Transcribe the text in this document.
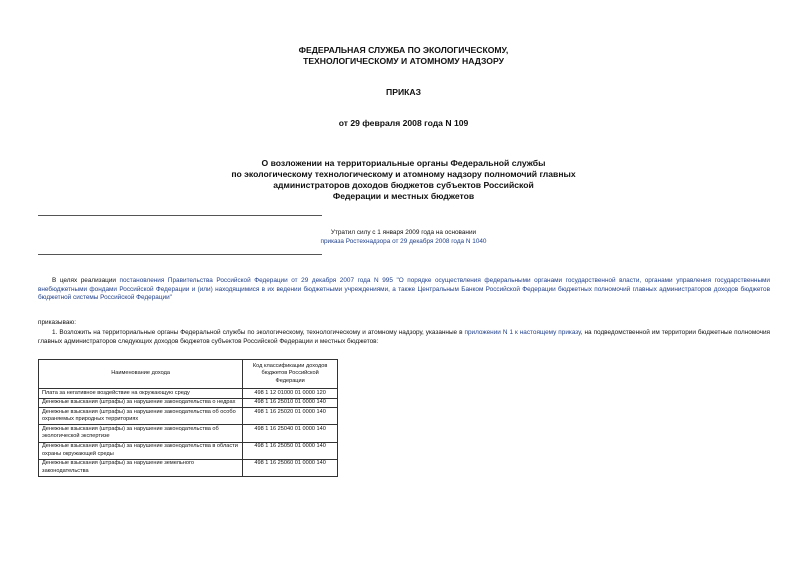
ФЕДЕРАЛЬНАЯ СЛУЖБА ПО ЭКОЛОГИЧЕСКОМУ,
ТЕХНОЛОГИЧЕСКОМУ И АТОМНОМУ НАДЗОРУ
ПРИКАЗ
от 29 февраля 2008 года N 109
О возложении на территориальные органы Федеральной службы
по экологическому технологическому и атомному надзору полномочий главных
администраторов доходов бюджетов субъектов Российской
Федерации и местных бюджетов
Утратил силу с 1 января 2009 года на основании
приказа Ростехнадзора от 29 декабря 2008 года N 1040
В целях реализации постановления Правительства Российской Федерации от 29 декабря 2007 года N 995 "О порядке осуществления федеральными органами государственной власти, органами управления государственными внебюджетными фондами Российской Федерации и (или) находящимися в их ведении бюджетными учреждениями, а также Центральным Банком Российской Федерации бюджетных полномочий главных администраторов доходов бюджетов бюджетной системы Российской Федерации"
приказываю:
1. Возложить на территориальные органы Федеральной службы по экологическому, технологическому и атомному надзору, указанные в приложении N 1 к настоящему приказу, на подведомственной им территории бюджетные полномочия главных администраторов следующих доходов бюджетов субъектов Российской Федерации и местных бюджетов:
Наименование дохода	Код классификации доходов бюджетов Российской Федерации
Плата за негативное воздействие на окружающую среду	498 1 12 01000 01 0000 120
Денежные взыскания (штрафы) за нарушение законодательства о недрах	498 1 16 25010 01 0000 140
Денежные взыскания (штрафы) за нарушение законодательства об особо охраняемых природных территориях	498 1 16 25020 01 0000 140
Денежные взыскания (штрафы) за нарушение законодательства об экологической экспертизе	498 1 16 25040 01 0000 140
Денежные взыскания (штрафы) за нарушение законодательства в области охраны окружающей среды	498 1 16 25050 01 0000 140
Денежные взыскания (штрафы) за нарушение земельного законодательства	498 1 16 25060 01 0000 140
